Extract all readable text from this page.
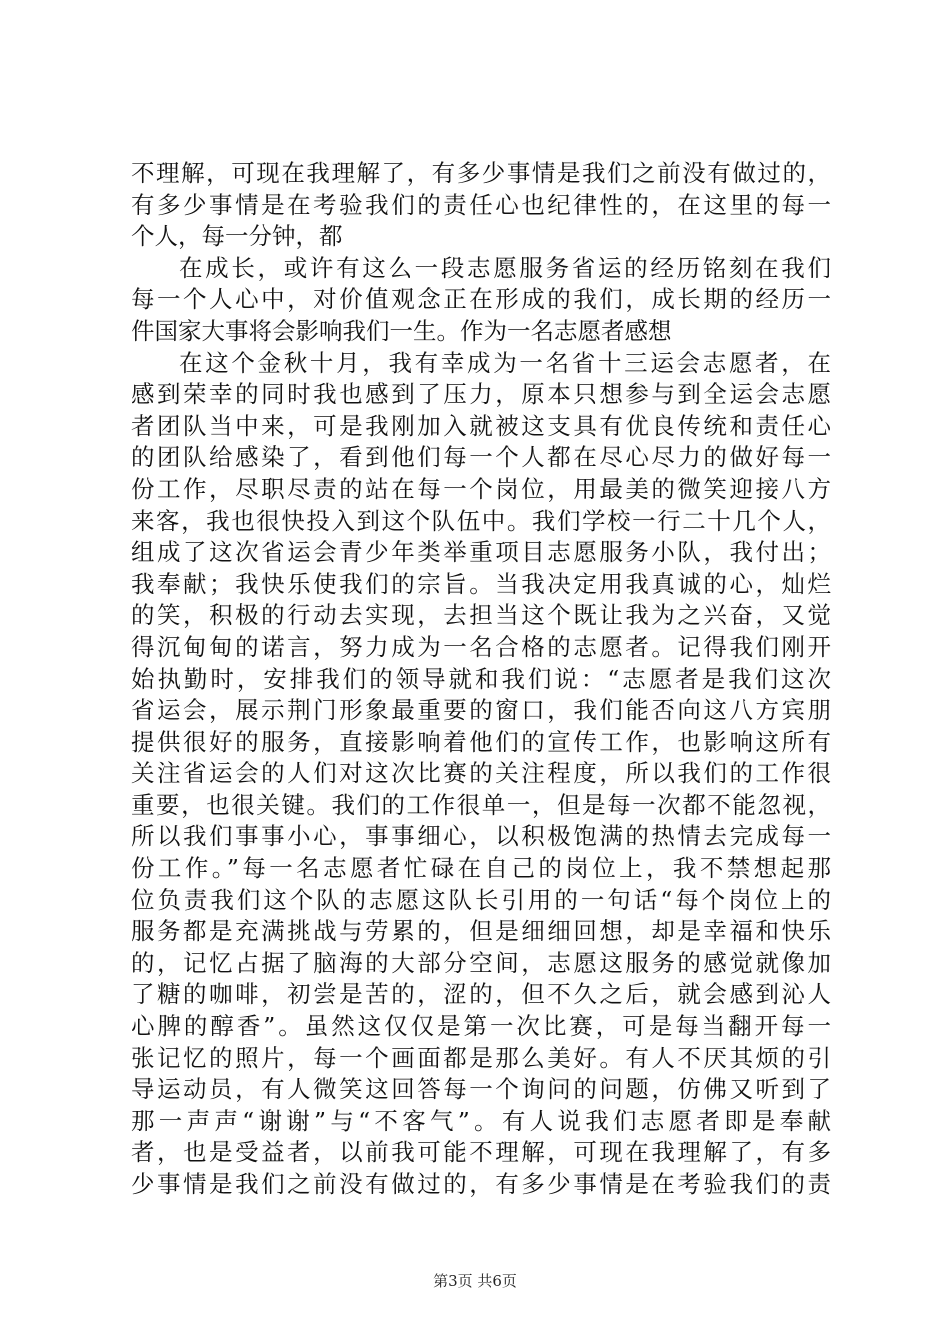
不理解，可现在我理解了，有多少事情是我们之前没有做过的，
有多少事情是在考验我们的责任心也纪律性的，在这里的每一
个人，每一分钟，都
在成长，或许有这么一段志愿服务省运的经历铭刻在我们
每一个人心中，对价值观念正在形成的我们，成长期的经历一
件国家大事将会影响我们一生。作为一名志愿者感想
在这个金秋十月，我有幸成为一名省十三运会志愿者，在
感到荣幸的同时我也感到了压力，原本只想参与到全运会志愿
者团队当中来，可是我刚加入就被这支具有优良传统和责任心
的团队给感染了，看到他们每一个人都在尽心尽力的做好每一
份工作，尽职尽责的站在每一个岗位，用最美的微笑迎接八方
来客，我也很快投入到这个队伍中。我们学校一行二十几个人，
组成了这次省运会青少年类举重项目志愿服务小队，我付出；
我奉献；我快乐使我们的宗旨。当我决定用我真诚的心，灿烂
的笑，积极的行动去实现，去担当这个既让我为之兴奋，又觉
得沉甸甸的诺言，努力成为一名合格的志愿者。记得我们刚开
始执勤时，安排我们的领导就和我们说：“志愿者是我们这次
省运会，展示荆门形象最重要的窗口，我们能否向这八方宾朋
提供很好的服务，直接影响着他们的宣传工作，也影响这所有
关注省运会的人们对这次比赛的关注程度，所以我们的工作很
重要，也很关键。我们的工作很单一，但是每一次都不能忽视，
所以我们事事小心，事事细心，以积极饱满的热情去完成每一
份工作。”每一名志愿者忙碌在自己的岗位上，我不禁想起那
位负责我们这个队的志愿这队长引用的一句话“每个岗位上的
服务都是充满挑战与劳累的，但是细细回想，却是幸福和快乐
的，记忆占据了脑海的大部分空间，志愿这服务的感觉就像加
了糖的咖啡，初尝是苦的，涩的，但不久之后，就会感到沁人
心脾的醇香”。虽然这仅仅是第一次比赛，可是每当翻开每一
张记忆的照片，每一个画面都是那么美好。有人不厌其烦的引
导运动员，有人微笑这回答每一个询问的问题，仿佛又听到了
那一声声“谢谢”与“不客气”。有人说我们志愿者即是奉献
者，也是受益者，以前我可能不理解，可现在我理解了，有多
少事情是我们之前没有做过的，有多少事情是在考验我们的责
第3页 共6页
